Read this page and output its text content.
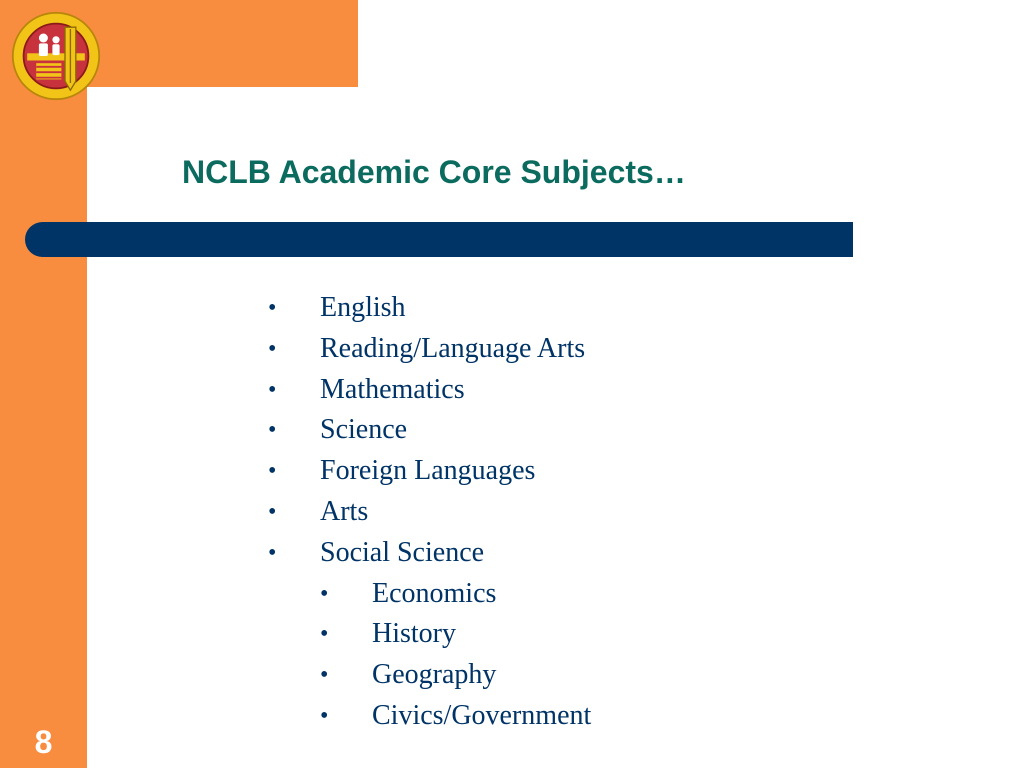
NCLB Academic Core Subjects…
• English
• Reading/Language Arts
• Mathematics
• Science
• Foreign Languages
• Arts
• Social Science
• Economics
• History
• Geography
• Civics/Government
8
